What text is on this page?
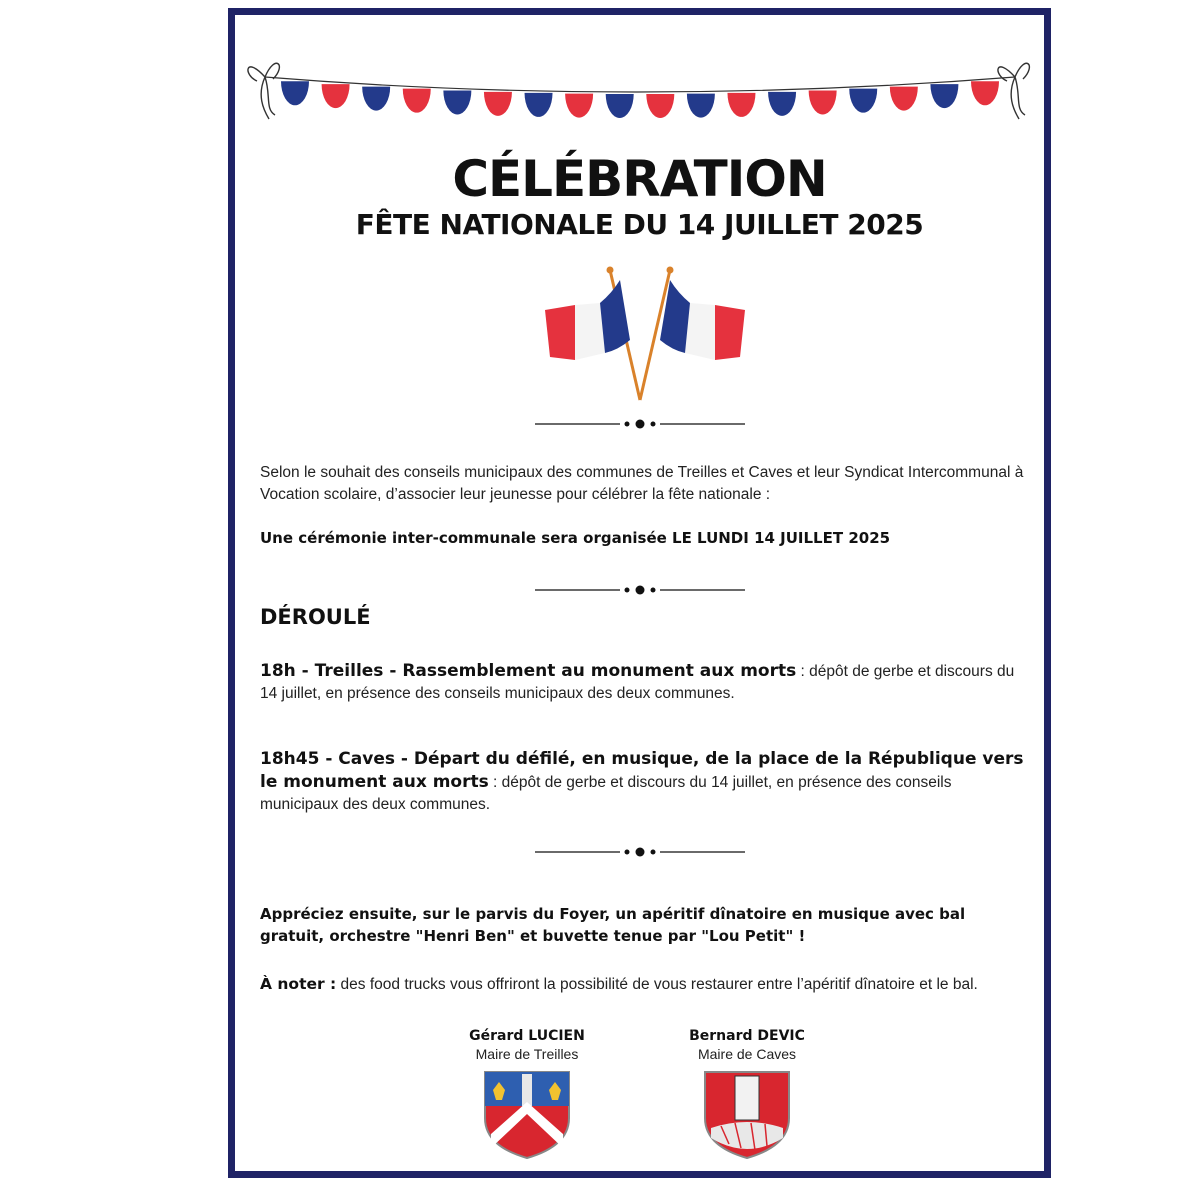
CÉLÉBRATION
FÊTE NATIONALE DU 14 JUILLET 2025
Selon le souhait des conseils municipaux des communes de Treilles et Caves et leur Syndicat Intercommunal à Vocation scolaire, d’associer leur jeunesse pour célébrer la fête nationale :
Une cérémonie inter-communale sera organisée LE LUNDI 14 JUILLET 2025
DÉROULÉ
18h - Treilles - Rassemblement au monument aux morts : dépôt de gerbe et discours du 14 juillet, en présence des conseils municipaux des deux communes.
18h45 - Caves - Départ du défilé, en musique, de la place de la République vers le monument aux morts : dépôt de gerbe et discours du 14 juillet, en présence des conseils municipaux des deux communes.
Appréciez ensuite, sur le parvis du Foyer, un apéritif dînatoire en musique avec bal gratuit, orchestre "Henri Ben" et buvette tenue par "Lou Petit" !
À noter : des food trucks vous offriront la possibilité de vous restaurer entre l’apéritif dînatoire et le bal.
Gérard LUCIEN
Maire de Treilles
Bernard DEVIC
Maire de Caves
